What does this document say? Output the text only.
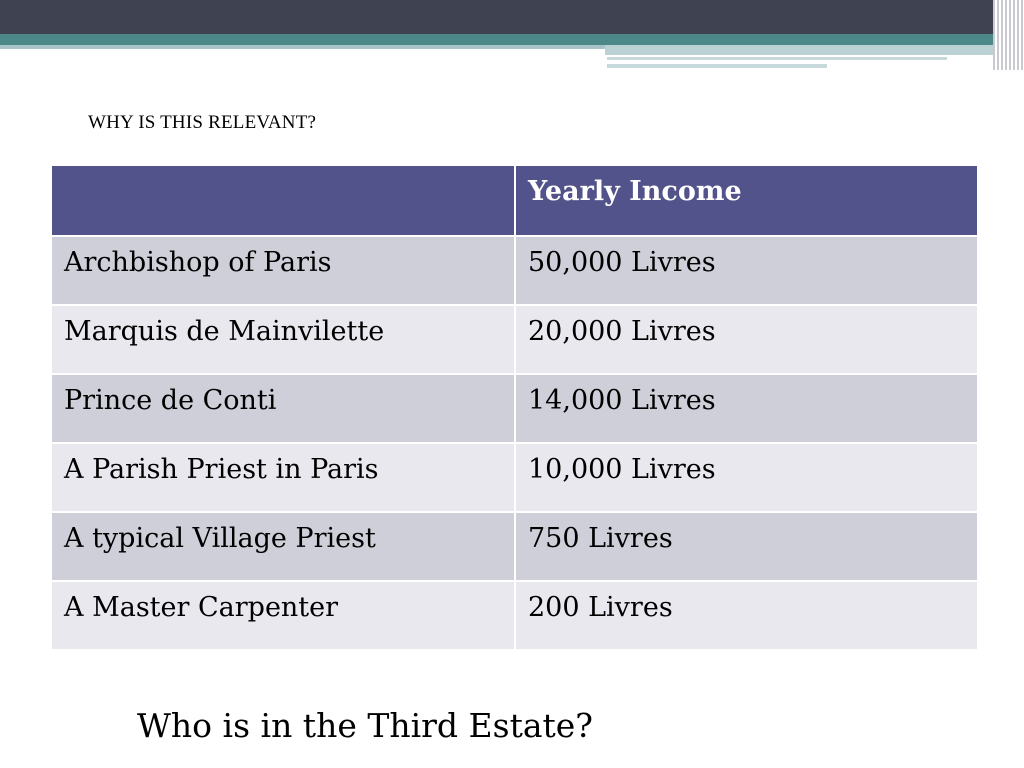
WHY IS THIS RELEVANT?
	Yearly Income
Archbishop of Paris	50,000 Livres
Marquis de Mainvilette	20,000 Livres
Prince de Conti	14,000 Livres
A Parish Priest in Paris	10,000 Livres
A typical Village Priest	750 Livres
A Master Carpenter	200 Livres
Who is in the Third Estate?
